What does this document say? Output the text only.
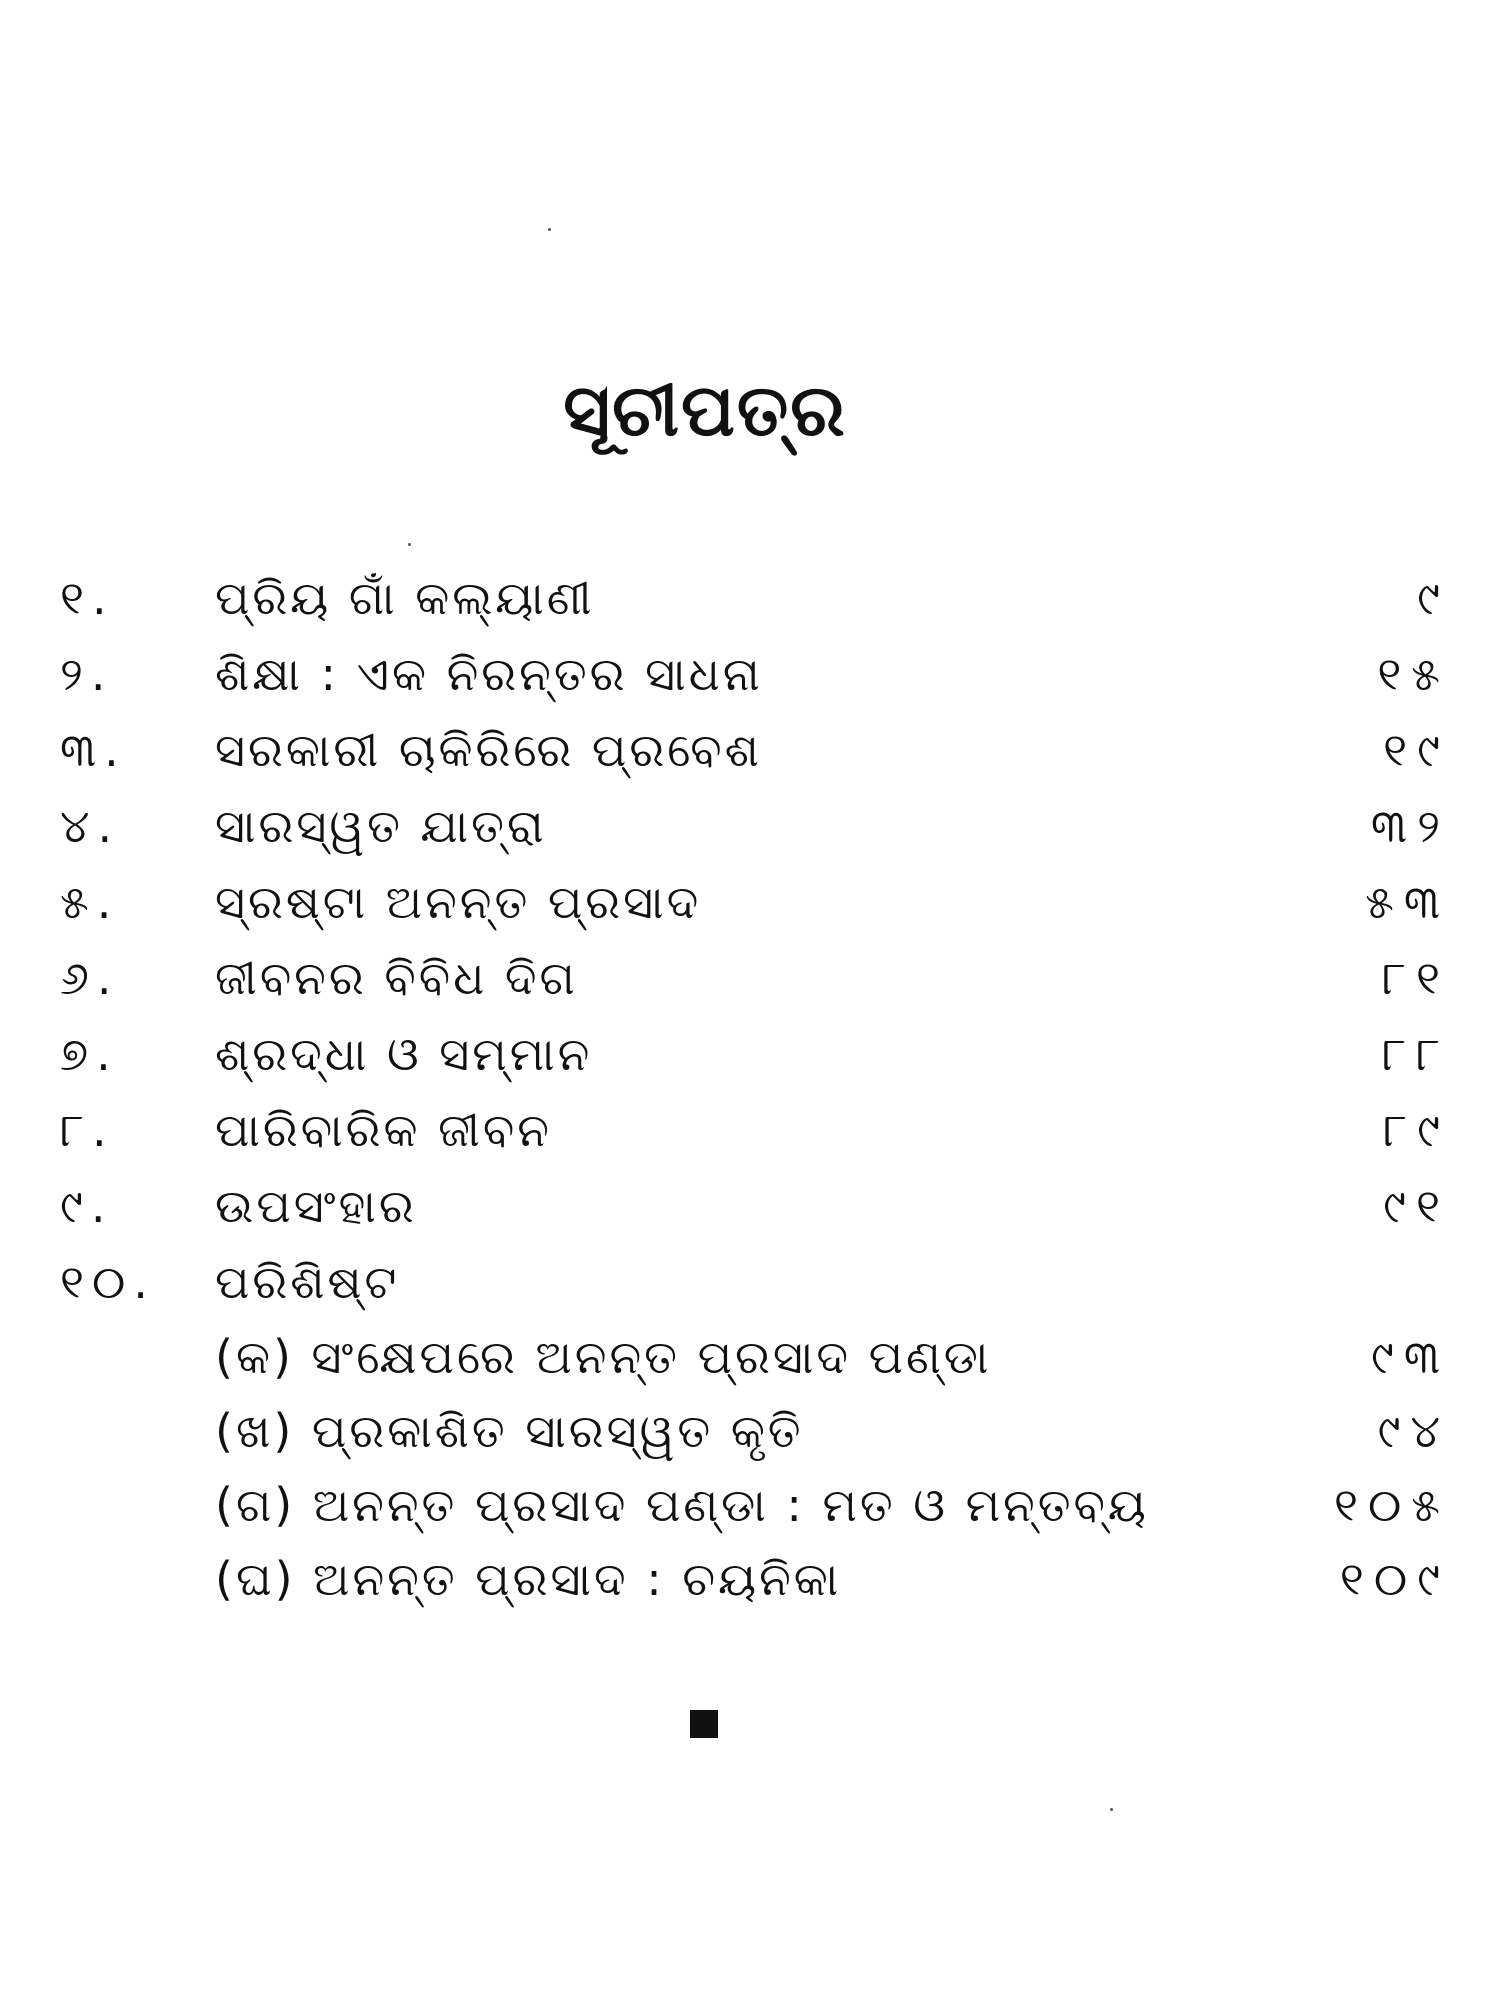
ସୂଚୀପତ୍ର
୧. ପ୍ରିୟ ଗାଁ କଲ୍ୟାଣୀ	୯
୨. ଶିକ୍ଷା : ଏକ ନିରନ୍ତର ସାଧନା	୧୫
୩. ସରକାରୀ ଚାକିରିରେ ପ୍ରବେଶ	୧୯
୪. ସାରସ୍ୱତ ଯାତ୍ରା	୩୨
୫. ସ୍ରଷ୍ଟା ଅନନ୍ତ ପ୍ରସାଦ	୫୩
୬. ଜୀବନର ବିବିଧ ଦିଗ	୮୧
୭. ଶ୍ରଦ୍ଧା ଓ ସମ୍ମାନ	୮୮
୮. ପାରିବାରିକ ଜୀବନ	୮୯
୯. ଉପସଂହାର	୯୧
୧୦. ପରିଶିଷ୍ଟ
(କ) ସଂକ୍ଷେପରେ ଅନନ୍ତ ପ୍ରସାଦ ପଣ୍ଡା	୯୩
(ଖ) ପ୍ରକାଶିତ ସାରସ୍ୱତ କୃତି	୯୪
(ଗ) ଅନନ୍ତ ପ୍ରସାଦ ପଣ୍ଡା : ମତ ଓ ମନ୍ତବ୍ୟ	୧୦୫
(ଘ) ଅନନ୍ତ ପ୍ରସାଦ : ଚୟନିକା	୧୦୯
